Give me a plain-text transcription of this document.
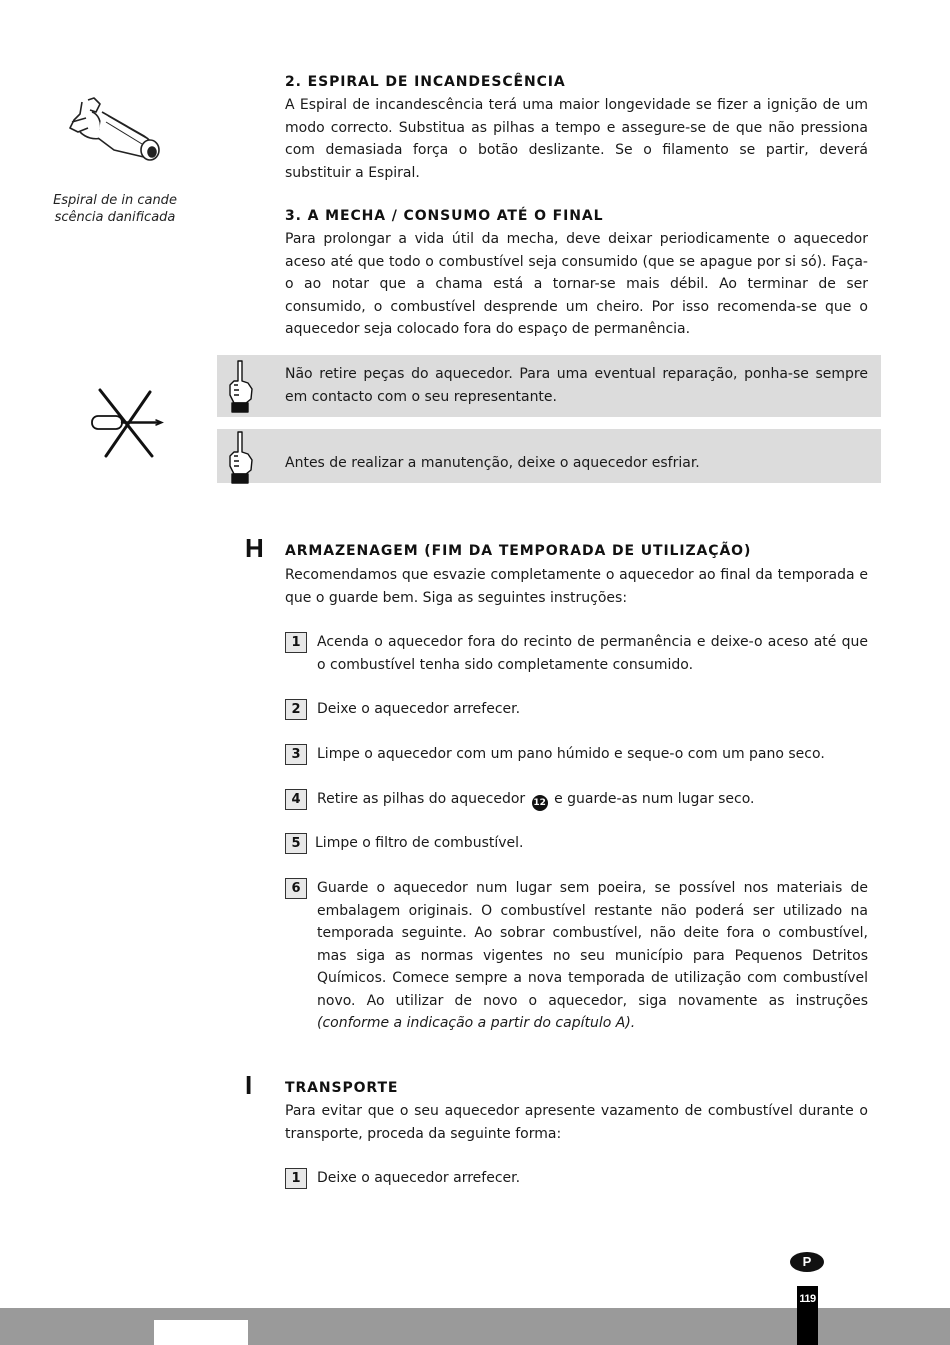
Espiral de in cande
scência danificada
2. ESPIRAL DE INCANDESCÊNCIA
A Espiral de incandescência terá uma maior longevidade se fizer a ignição de um modo correcto. Substitua as pilhas a tempo e assegure-se de que não pressiona com demasiada força o botão deslizante. Se o filamento se partir, deverá substituir a Espiral.
3. A MECHA / CONSUMO ATÉ O FINAL
Para prolongar a vida útil da mecha, deve deixar periodicamente o aquecedor aceso até que todo o combustível seja consumido (que se apague por si só). Faça-o ao notar que a chama está a tornar-se mais débil. Ao terminar de ser consumido, o combustível desprende um cheiro. Por isso recomenda-se que o aquecedor seja colocado fora do espaço de permanência.
Não retire peças do aquecedor. Para uma eventual reparação, ponha-se sempre em contacto com o seu representante.
Antes de realizar a manutenção, deixe o aquecedor esfriar.
H ARMAZENAGEM (FIM DA TEMPORADA DE UTILIZAÇÃO)
Recomendamos que esvazie completamente o aquecedor ao final da temporada e que o guarde bem. Siga as seguintes instruções:
1	Acenda o aquecedor fora do recinto de permanência e deixe-o aceso até que o combustível tenha sido completamente consumido.
2	Deixe o aquecedor arrefecer.
3	Limpe o aquecedor com um pano húmido e seque-o com um pano seco.
4	Retire as pilhas do aquecedor 12 e guarde-as num lugar seco.
5	Limpe o filtro de combustível.
6	Guarde o aquecedor num lugar sem poeira, se possível nos materiais de embalagem originais. O combustível restante não poderá ser utilizado na temporada seguinte. Ao sobrar combustível, não deite fora o combustível, mas siga as normas vigentes no seu município para Pequenos Detritos Químicos. Comece sempre a nova temporada de utilização com combustível novo. Ao utilizar de novo o aquecedor, siga novamente as instruções (conforme a indicação a partir do capítulo A).
I TRANSPORTE
Para evitar que o seu aquecedor apresente vazamento de combustível durante o transporte, proceda da seguinte forma:
1	Deixe o aquecedor arrefecer.
P
119
